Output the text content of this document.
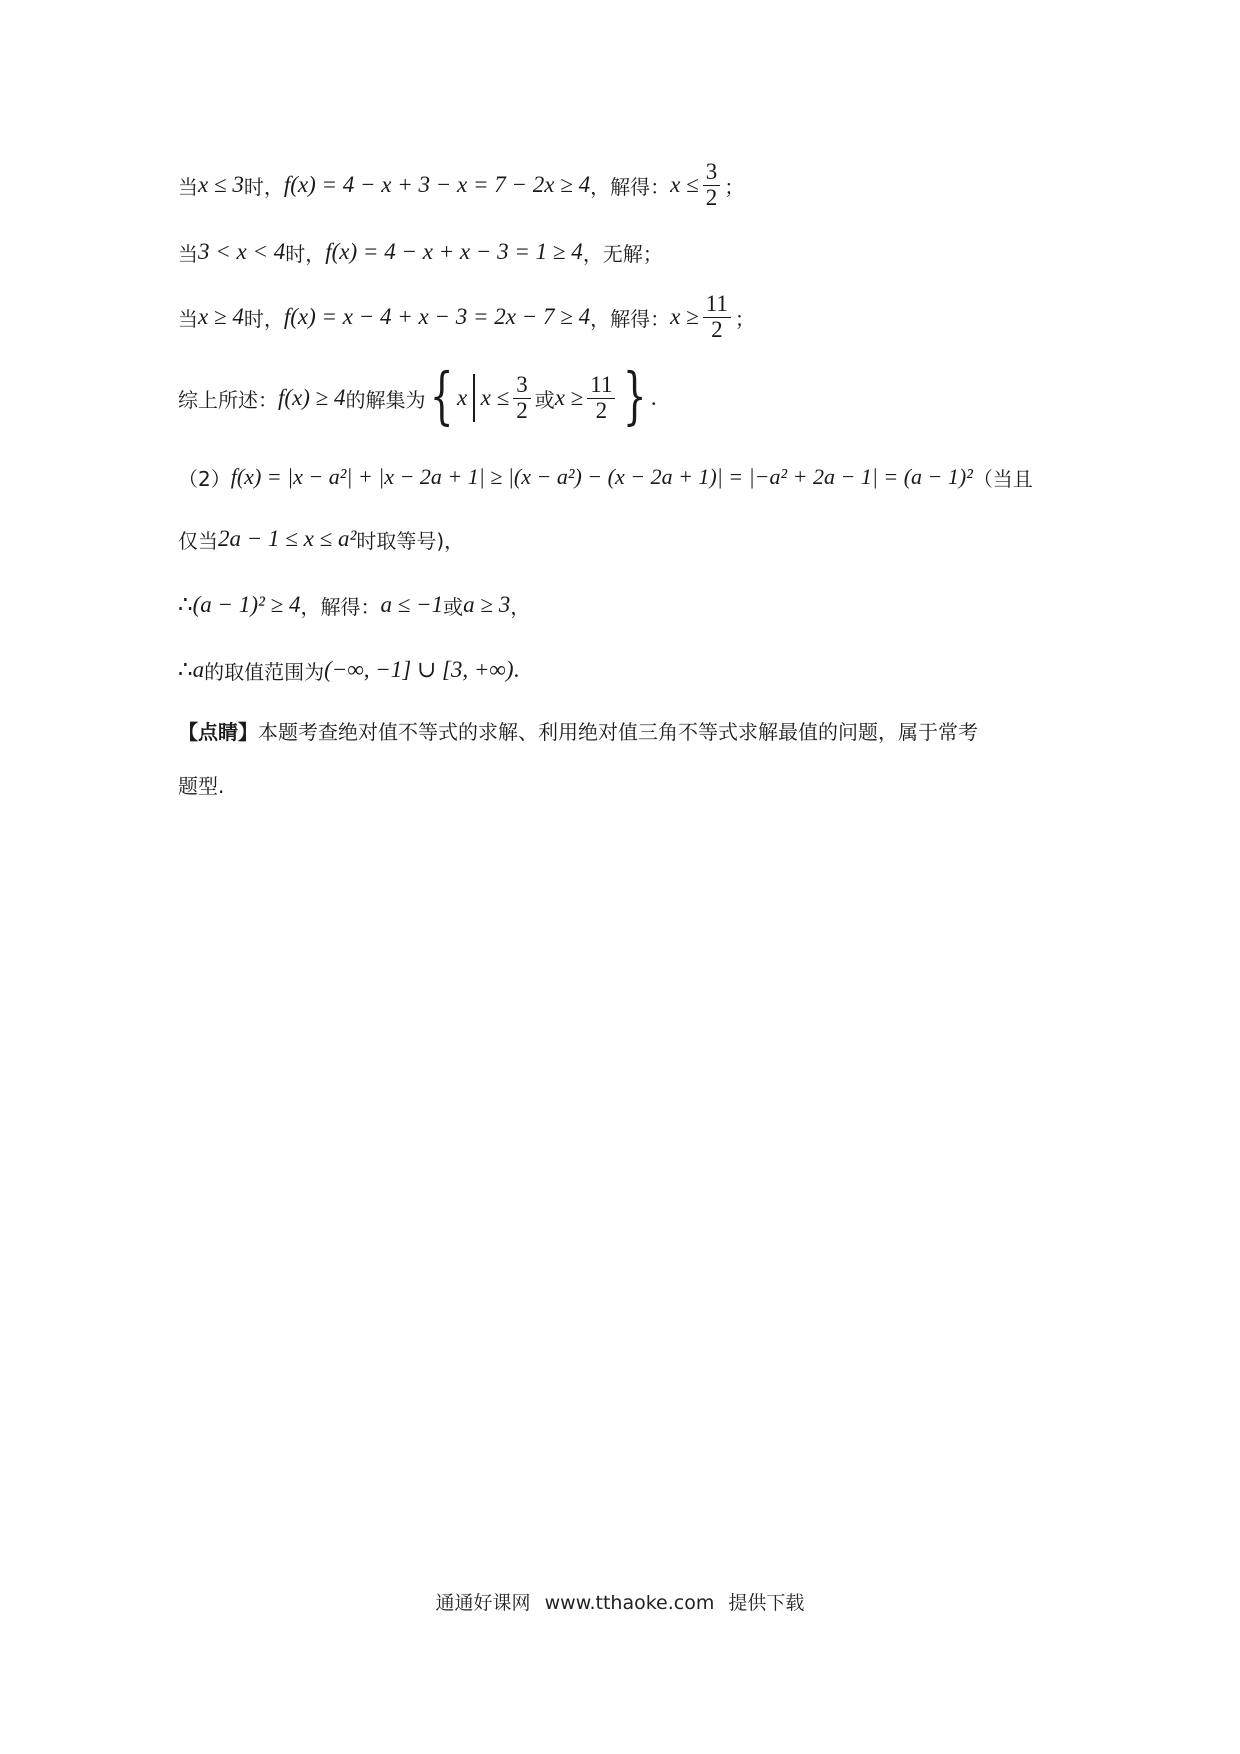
当 x ≤ 3 时， f(x) = 4 − x + 3 − x = 7 − 2x ≥ 4 ，解得： $x \le \frac{3}{2}$ ；
当 3 < x < 4 时， f(x) = 4 − x + x − 3 = 1 ≥ 4 ，无解；
当 x ≥ 4 时， f(x) = x − 4 + x − 3 = 2x − 7 ≥ 4 ，解得： $x \ge \frac{11}{2}$ ；
综上所述： f(x) ≥ 4 的解集为 { x $x \le \frac{3}{2}$ 或 $x \ge \frac{11}{2}$ } .
（2） f(x) = |x − a²| + |x − 2a + 1| ≥ |(x − a²) − (x − 2a + 1)| = |−a² + 2a − 1| = (a − 1)² （当且
仅当 2a − 1 ≤ x ≤ a² 时取等号)，
∴ (a − 1)² ≥ 4 ，解得： a ≤ −1 或 a ≥ 3 ，
∴ a 的取值范围为 (−∞, −1] ∪ [3, +∞) .
【点睛】 本题考查绝对值不等式的求解、利用绝对值三角不等式求解最值的问题，属于常考
题型.
通通好课网 www.tthaoke.com 提供下载
